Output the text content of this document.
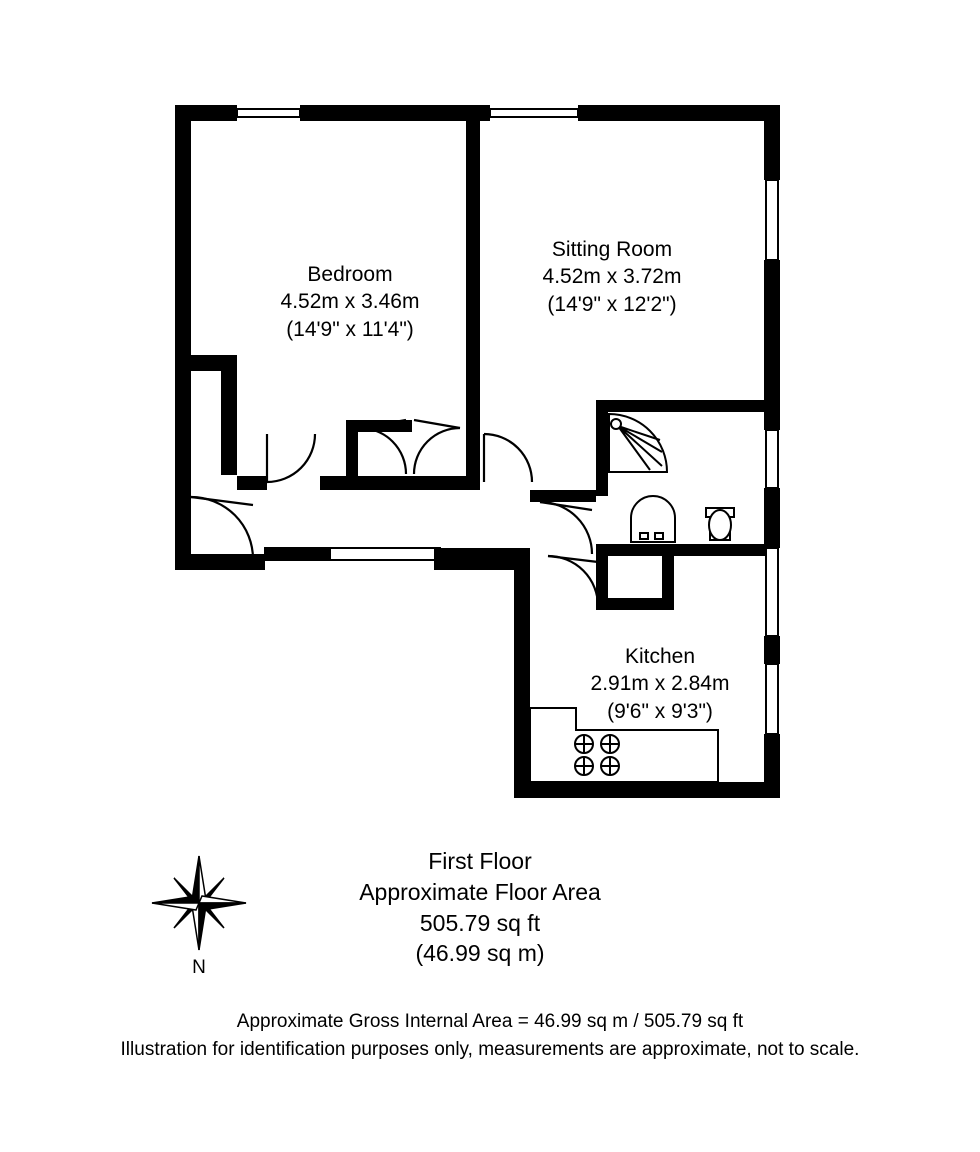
Bedroom
4.52m x 3.46m
(14'9" x 11'4")
Sitting Room
4.52m x 3.72m
(14'9" x 12'2")
Kitchen
2.91m x 2.84m
(9'6" x 9'3")
N
First Floor
Approximate Floor Area
505.79 sq ft
(46.99 sq m)
Approximate Gross Internal Area = 46.99 sq m / 505.79 sq ft
Illustration for identification purposes only, measurements are approximate, not to scale.
